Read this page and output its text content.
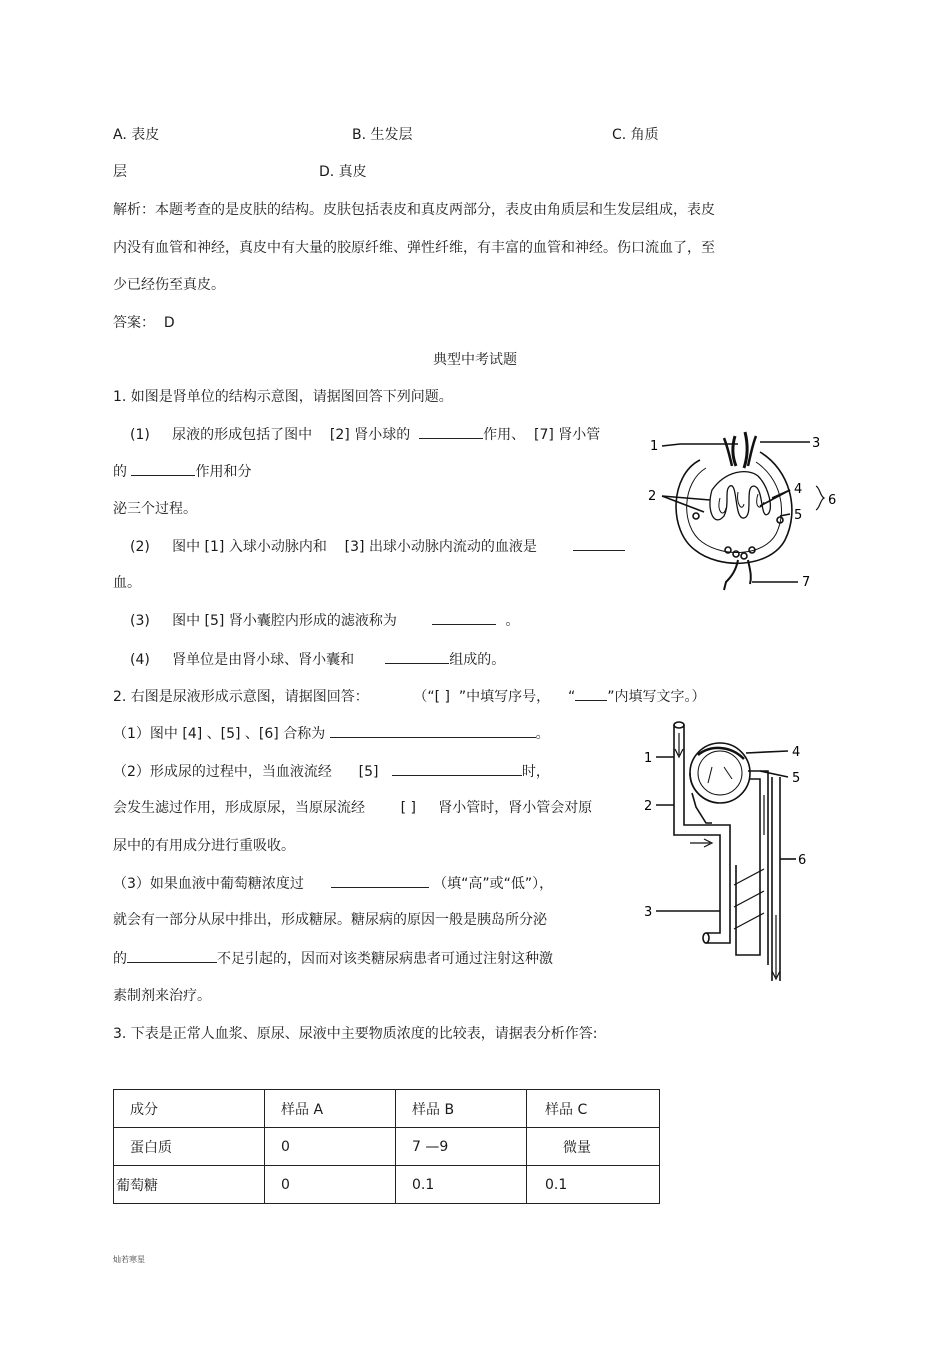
A. 表皮	B. 生发层	C. 角质
层	D. 真皮
解析：本题考查的是皮肤的结构。皮肤包括表皮和真皮两部分，表皮由角质层和生发层组成，表皮
内没有血管和神经，真皮中有大量的胶原纤维、弹性纤维，有丰富的血管和神经。伤口流血了，至
少已经伤至真皮。
答案： D
典型中考试题
1. 如图是肾单位的结构示意图，请据图回答下列问题。
(1) 尿液的形成包括了图中 [2] 肾小球的	作用、 [7] 肾小管
的	作用和分
泌三个过程。
(2) 图中 [1] 入球小动脉内和 [3] 出球小动脉内流动的血液是
血。
(3) 图中 [5] 肾小囊腔内形成的滤液称为	。
(4) 肾单位是由肾小球、肾小囊和	组成的。
1
2
3
4
5
6
7
2. 右图是尿液形成示意图，请据图回答：	（“[ ] ”中填写序号， “ ”内填写文字。）
（1）图中 [4] 、[5] 、[6] 合称为	。
（2）形成尿的过程中，当血液流经 [5]	时，
会发生滤过作用，形成原尿，当原尿流经	[ ] 肾小管时，肾小管会对原
尿中的有用成分进行重吸收。
（3）如果血液中葡萄糖浓度过	（填“高”或“低”），
就会有一部分从尿中排出，形成糖尿。糖尿病的原因一般是胰岛所分泌
的	不足引起的，因而对该类糖尿病患者可通过注射这种激
素制剂来治疗。
1
2
3
4
5
6
3. 下表是正常人血浆、原尿、尿液中主要物质浓度的比较表，请据表分析作答:
成分	样品 A	样品 B	样品 C
蛋白质	0	7 —9	微量
葡萄糖	0	0.1	0.1
灿若寒星
